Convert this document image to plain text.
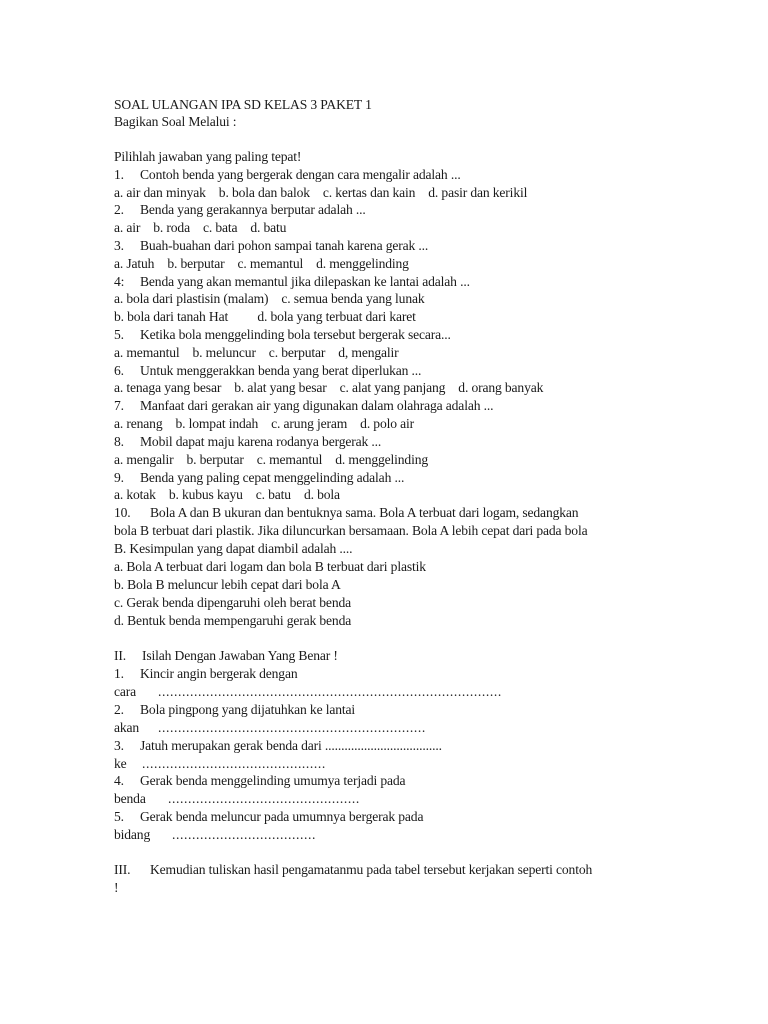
SOAL ULANGAN IPA SD KELAS 3 PAKET 1
Bagikan Soal Melalui :
Pilihlah jawaban yang paling tepat!
1. Contoh benda yang bergerak dengan cara mengalir adalah ...
a. air dan minyak    b. bola dan balok    c. kertas dan kain    d. pasir dan kerikil
2. Benda yang gerakannya berputar adalah ...
a. air    b. roda    c. bata    d. batu
3. Buah-buahan dari pohon sampai tanah karena gerak ...
a. Jatuh    b. berputar    c. memantul    d. menggelinding
4: Benda yang akan memantul jika dilepaskan ke lantai adalah ...
a. bola dari plastisin (malam)    c. semua benda yang lunak
b. bola dari tanah Hat         d. bola yang terbuat dari karet
5. Ketika bola menggelinding bola tersebut bergerak secara...
a. memantul    b. meluncur    c. berputar    d, mengalir
6. Untuk menggerakkan benda yang berat diperlukan ...
a. tenaga yang besar    b. alat yang besar    c. alat yang panjang    d. orang banyak
7. Manfaat dari gerakan air yang digunakan dalam olahraga adalah ...
a. renang    b. lompat indah    c. arung jeram    d. polo air
8. Mobil dapat maju karena rodanya bergerak ...
a. mengalir    b. berputar    c. memantul    d. menggelinding
9. Benda yang paling cepat menggelinding adalah ...
a. kotak    b. kubus kayu    c. batu    d. bola
10. Bola A dan B ukuran dan bentuknya sama. Bola A terbuat dari logam, sedangkan
bola B terbuat dari plastik. Jika diluncurkan bersamaan. Bola A lebih cepat dari pada bola
B. Kesimpulan yang dapat diambil adalah ....
a. Bola A terbuat dari logam dan bola B terbuat dari plastik
b. Bola B meluncur lebih cepat dari bola A
c. Gerak benda dipengaruhi oleh berat benda
d. Bentuk benda mempengaruhi gerak benda
II. Isilah Dengan Jawaban Yang Benar !
1. Kincir angin bergerak dengan
cara ......................................................................................
2. Bola pingpong yang dijatuhkan ke lantai
akan ...................................................................
3. Jatuh merupakan gerak benda dari ....................................
ke ..............................................
4. Gerak benda menggelinding umumya terjadi pada
benda ................................................
5. Gerak benda meluncur pada umumnya bergerak pada
bidang ....................................
III. Kemudian tuliskan hasil pengamatanmu pada tabel tersebut kerjakan seperti contoh
!
